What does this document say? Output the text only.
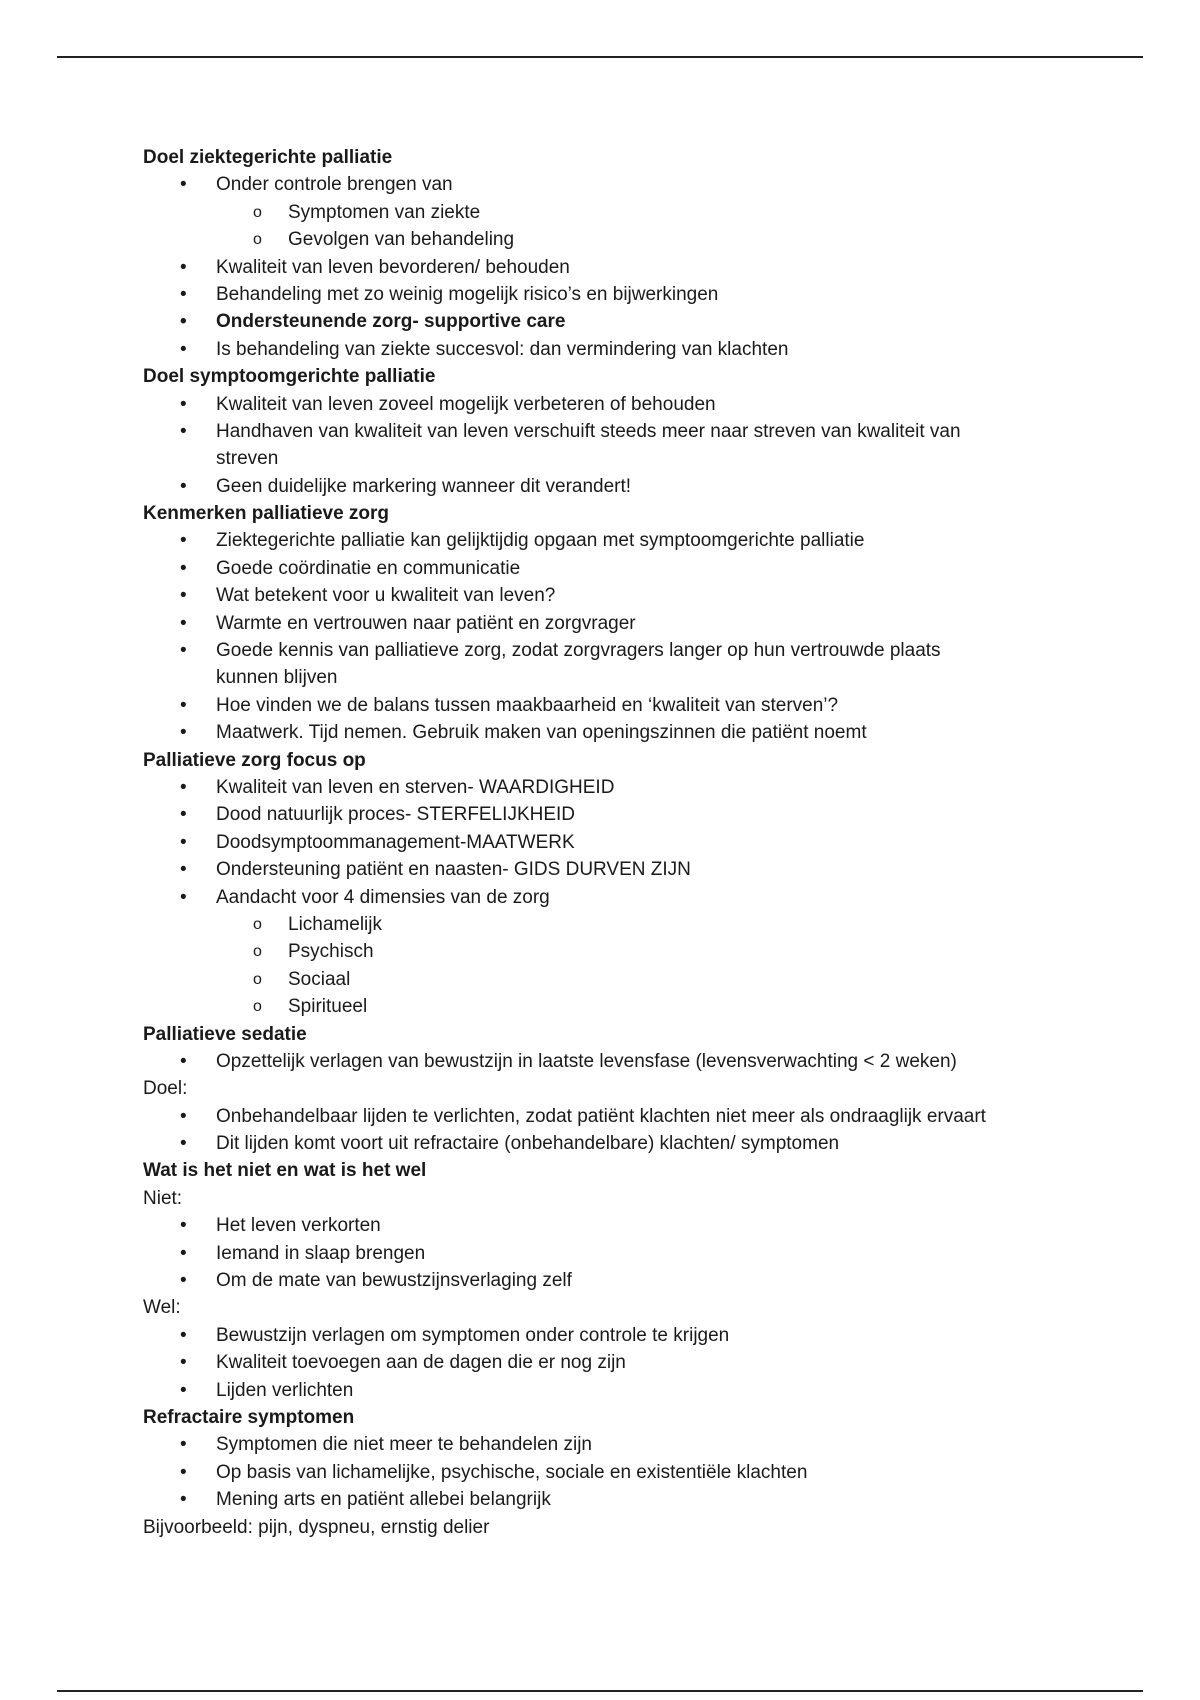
Doel ziektegerichte palliatie
• Onder controle brengen van
o Symptomen van ziekte
o Gevolgen van behandeling
• Kwaliteit van leven bevorderen/ behouden
• Behandeling met zo weinig mogelijk risico’s en bijwerkingen
• Ondersteunende zorg- supportive care
• Is behandeling van ziekte succesvol: dan vermindering van klachten
Doel symptoomgerichte palliatie
• Kwaliteit van leven zoveel mogelijk verbeteren of behouden
• Handhaven van kwaliteit van leven verschuift steeds meer naar streven van kwaliteit van
streven
• Geen duidelijke markering wanneer dit verandert!
Kenmerken palliatieve zorg
• Ziektegerichte palliatie kan gelijktijdig opgaan met symptoomgerichte palliatie
• Goede coördinatie en communicatie
• Wat betekent voor u kwaliteit van leven?
• Warmte en vertrouwen naar patiënt en zorgvrager
• Goede kennis van palliatieve zorg, zodat zorgvragers langer op hun vertrouwde plaats
kunnen blijven
• Hoe vinden we de balans tussen maakbaarheid en ‘kwaliteit van sterven’?
• Maatwerk. Tijd nemen. Gebruik maken van openingszinnen die patiënt noemt
Palliatieve zorg focus op
• Kwaliteit van leven en sterven- WAARDIGHEID
• Dood natuurlijk proces- STERFELIJKHEID
• Doodsymptoommanagement-MAATWERK
• Ondersteuning patiënt en naasten- GIDS DURVEN ZIJN
• Aandacht voor 4 dimensies van de zorg
o Lichamelijk
o Psychisch
o Sociaal
o Spiritueel
Palliatieve sedatie
• Opzettelijk verlagen van bewustzijn in laatste levensfase (levensverwachting < 2 weken)
Doel:
• Onbehandelbaar lijden te verlichten, zodat patiënt klachten niet meer als ondraaglijk ervaart
• Dit lijden komt voort uit refractaire (onbehandelbare) klachten/ symptomen
Wat is het niet en wat is het wel
Niet:
• Het leven verkorten
• Iemand in slaap brengen
• Om de mate van bewustzijnsverlaging zelf
Wel:
• Bewustzijn verlagen om symptomen onder controle te krijgen
• Kwaliteit toevoegen aan de dagen die er nog zijn
• Lijden verlichten
Refractaire symptomen
• Symptomen die niet meer te behandelen zijn
• Op basis van lichamelijke, psychische, sociale en existentiële klachten
• Mening arts en patiënt allebei belangrijk
Bijvoorbeeld: pijn, dyspneu, ernstig delier
